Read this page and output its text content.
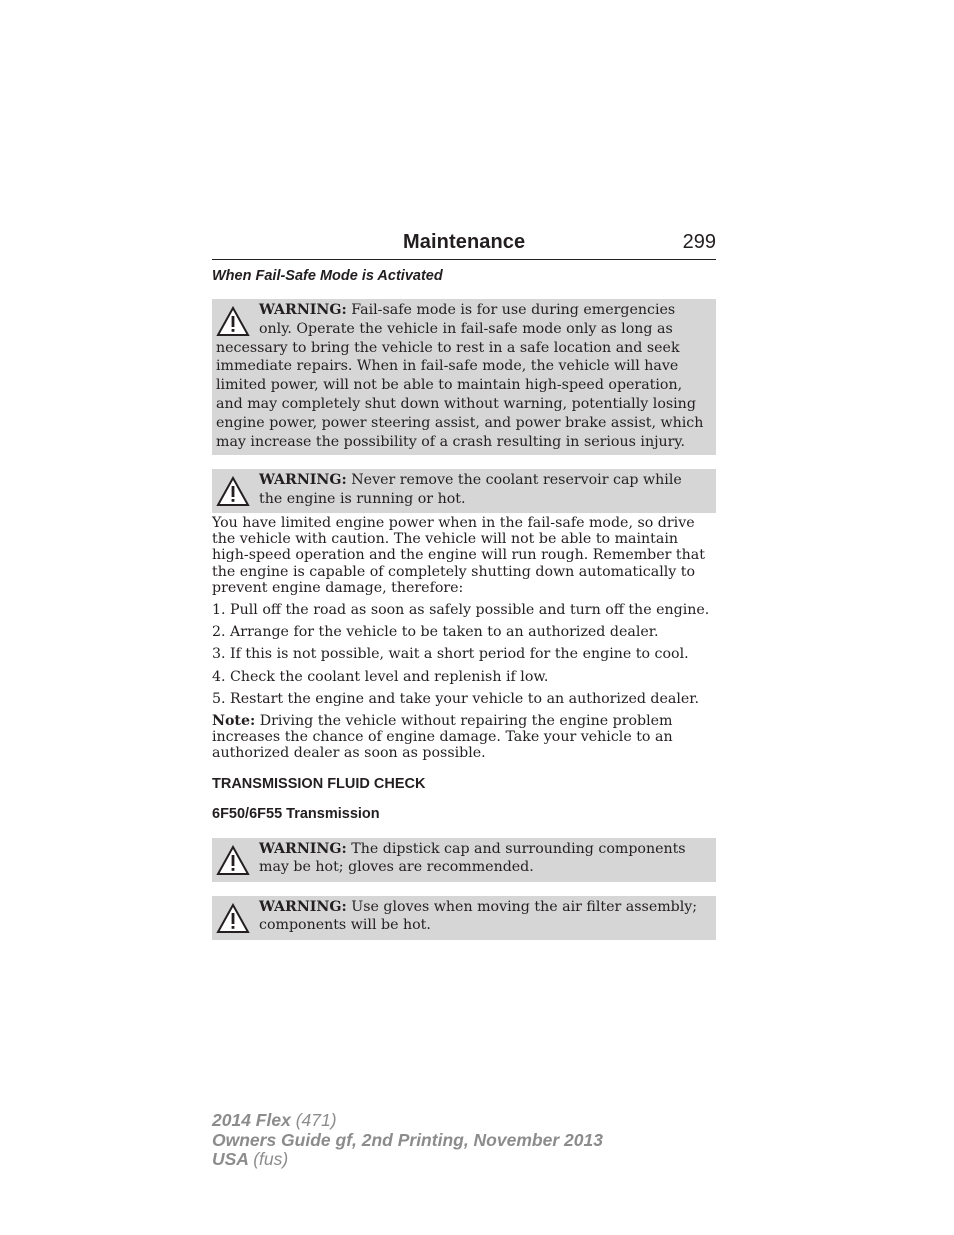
Maintenance	299
When Fail-Safe Mode is Activated
WARNING: Fail-safe mode is for use during emergencies only. Operate the vehicle in fail-safe mode only as long as necessary to bring the vehicle to rest in a safe location and seek immediate repairs. When in fail-safe mode, the vehicle will have limited power, will not be able to maintain high-speed operation, and may completely shut down without warning, potentially losing engine power, power steering assist, and power brake assist, which may increase the possibility of a crash resulting in serious injury.
WARNING: Never remove the coolant reservoir cap while the engine is running or hot.

You have limited engine power when in the fail-safe mode, so drive the vehicle with caution. The vehicle will not be able to maintain high-speed operation and the engine will run rough. Remember that the engine is capable of completely shutting down automatically to prevent engine damage, therefore:

1. Pull off the road as soon as safely possible and turn off the engine.
2. Arrange for the vehicle to be taken to an authorized dealer.
3. If this is not possible, wait a short period for the engine to cool.
4. Check the coolant level and replenish if low.
5. Restart the engine and take your vehicle to an authorized dealer.
Note: Driving the vehicle without repairing the engine problem increases the chance of engine damage. Take your vehicle to an authorized dealer as soon as possible.
TRANSMISSION FLUID CHECK
6F50/6F55 Transmission
WARNING: The dipstick cap and surrounding components may be hot; gloves are recommended.
WARNING: Use gloves when moving the air filter assembly; components will be hot.
2014 Flex (471)
Owners Guide gf, 2nd Printing, November 2013
USA (fus)
